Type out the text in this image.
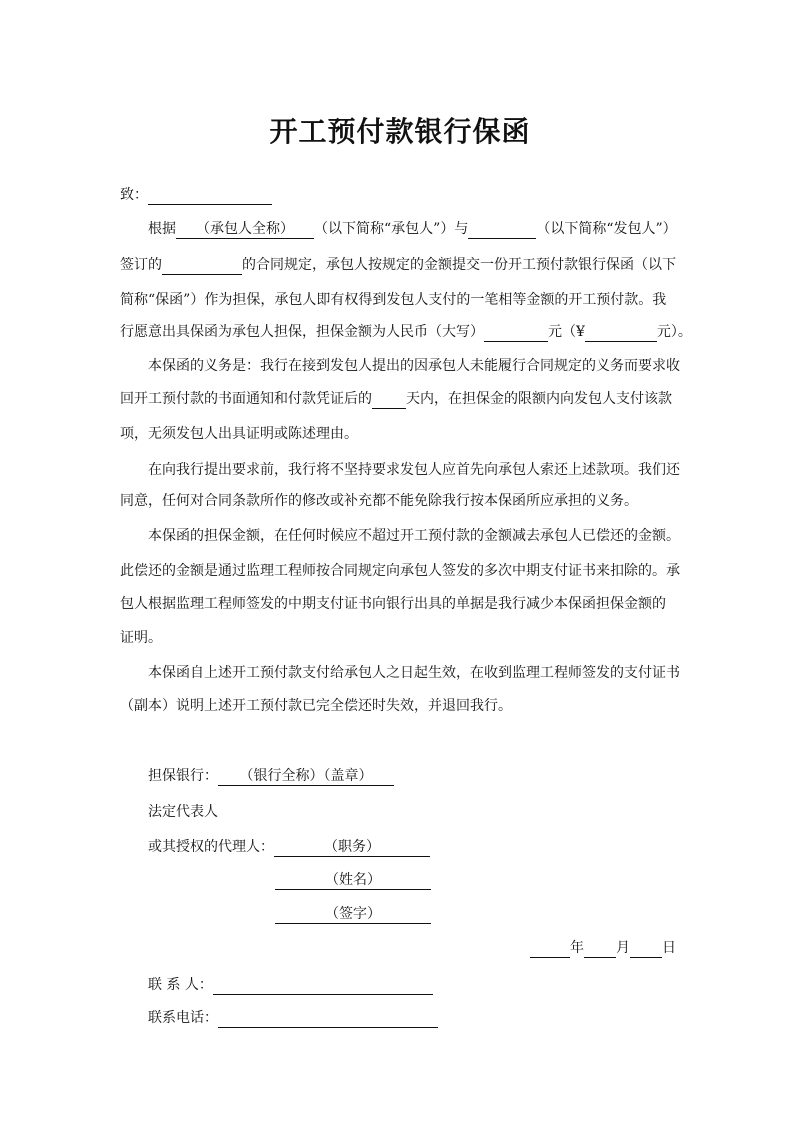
开工预付款银行保函
致：
根据 （承包人全称） （以下简称“承包人”）与	（以下简称“发包人”）
签订的	的合同规定，承包人按规定的金额提交一份开工预付款银行保函（以下
简称“保函”）作为担保，承包人即有权得到发包人支付的一笔相等金额的开工预付款。我
行愿意出具保函为承包人担保，担保金额为人民币（大写）	元（¥	元）。
本保函的义务是：我行在接到发包人提出的因承包人未能履行合同规定的义务而要求收
回开工预付款的书面通知和付款凭证后的 天内，在担保金的限额内向发包人支付该款
项，无须发包人出具证明或陈述理由。
在向我行提出要求前，我行将不坚持要求发包人应首先向承包人索还上述款项。我们还
同意，任何对合同条款所作的修改或补充都不能免除我行按本保函所应承担的义务。
本保函的担保金额，在任何时候应不超过开工预付款的金额减去承包人已偿还的金额。
此偿还的金额是通过监理工程师按合同规定向承包人签发的多次中期支付证书来扣除的。承
包人根据监理工程师签发的中期支付证书向银行出具的单据是我行减少本保函担保金额的
证明。
本保函自上述开工预付款支付给承包人之日起生效，在收到监理工程师签发的支付证书
（副本）说明上述开工预付款已完全偿还时失效，并退回我行。
担保银行： （银行全称）（盖章）
法定代表人
或其授权的代理人：	（职务）
（姓名）
（签字）
年 月 日
联 系 人：
联系电话：
